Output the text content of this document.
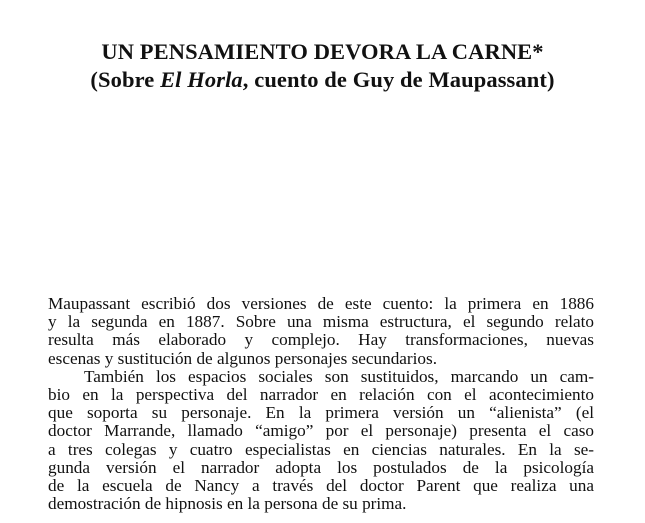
UN PENSAMIENTO DEVORA LA CARNE*
(Sobre El Horla, cuento de Guy de Maupassant)
Maupassant escribió dos versiones de este cuento: la primera en 1886
y la segunda en 1887. Sobre una misma estructura, el segundo relato
resulta más elaborado y complejo. Hay transformaciones, nuevas
escenas y sustitución de algunos personajes secundarios.
También los espacios sociales son sustituidos, marcando un cam-
bio en la perspectiva del narrador en relación con el acontecimiento
que soporta su personaje. En la primera versión un “alienista” (el
doctor Marrande, llamado “amigo” por el personaje) presenta el caso
a tres colegas y cuatro especialistas en ciencias naturales. En la se-
gunda versión el narrador adopta los postulados de la psicología
de la escuela de Nancy a través del doctor Parent que realiza una
demostración de hipnosis en la persona de su prima.
